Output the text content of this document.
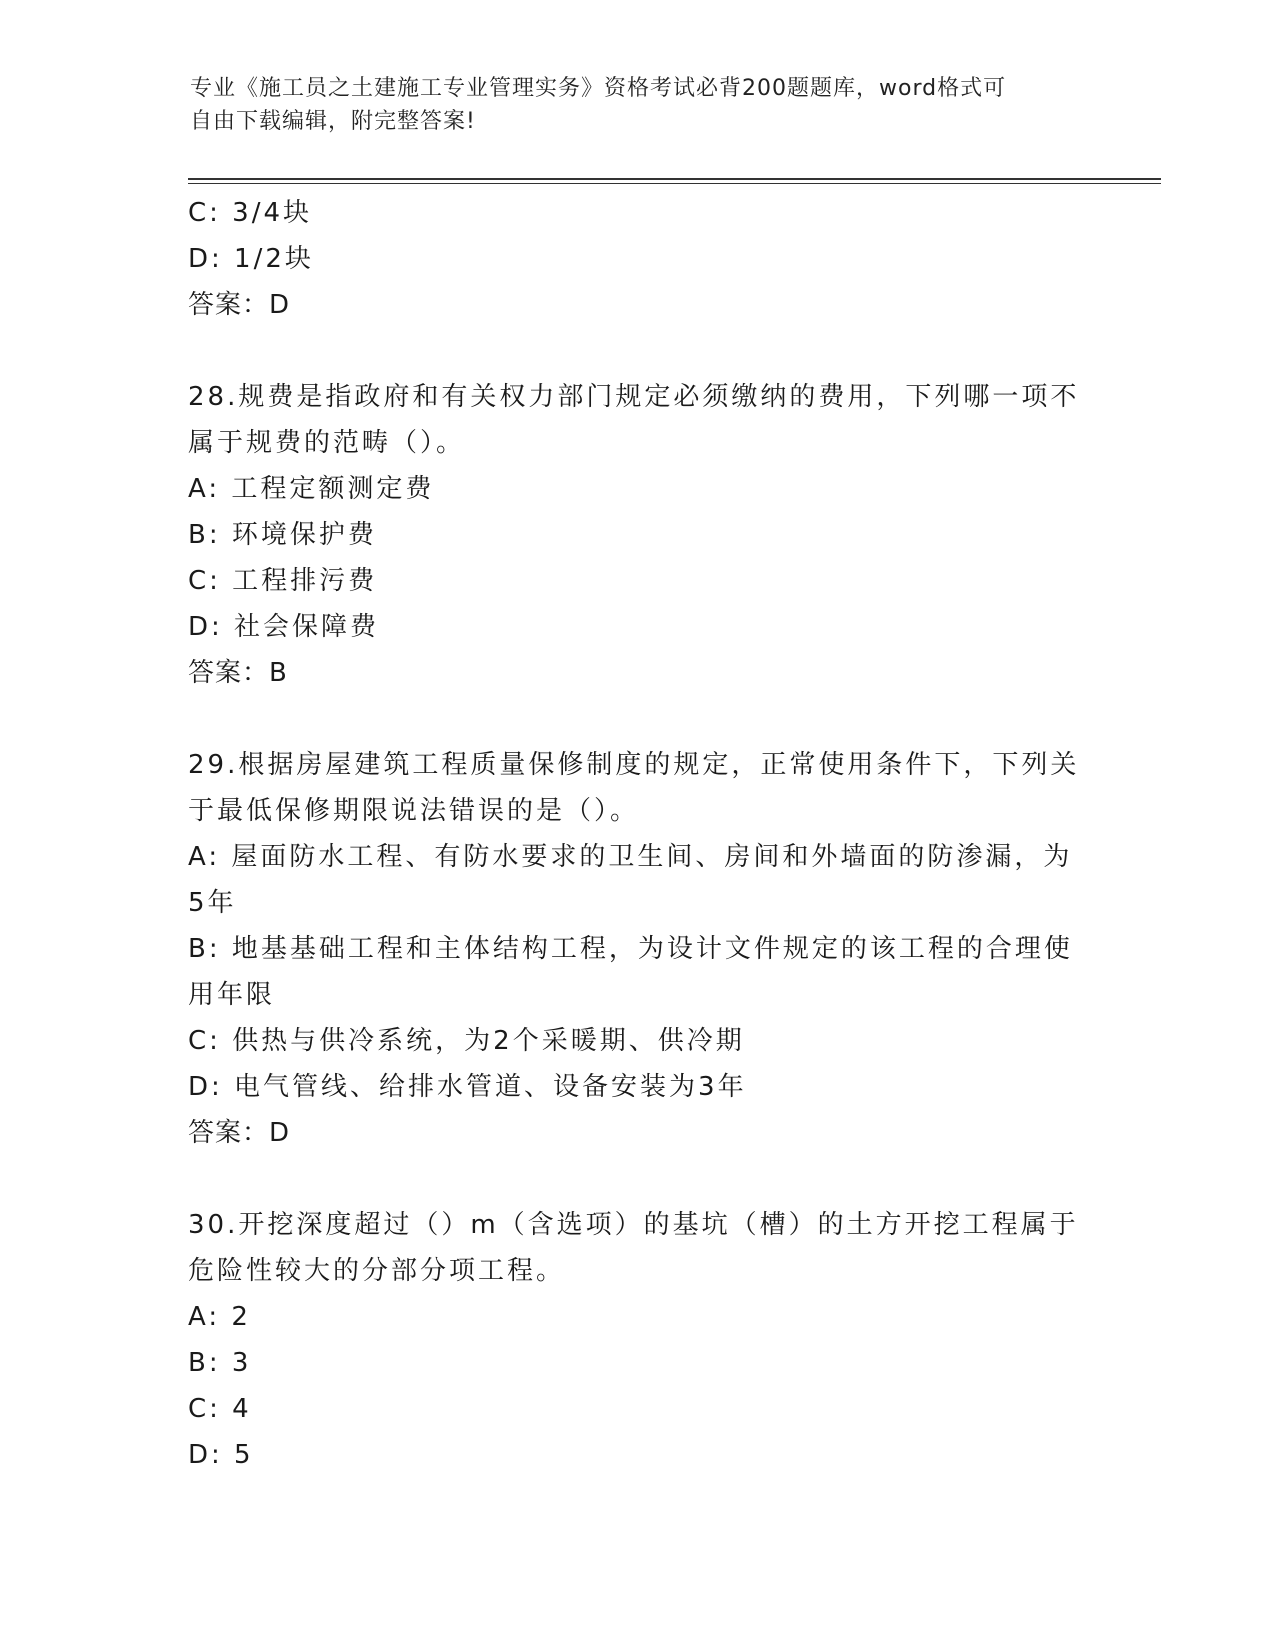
专业《施工员之土建施工专业管理实务》资格考试必背200题题库，word格式可
自由下载编辑，附完整答案!
C: 3/4块
D: 1/2块
答案：D
28.规费是指政府和有关权力部门规定必须缴纳的费用，下列哪一项不
属于规费的范畴（）。
A: 工程定额测定费
B: 环境保护费
C: 工程排污费
D: 社会保障费
答案：B
29.根据房屋建筑工程质量保修制度的规定，正常使用条件下，下列关
于最低保修期限说法错误的是（）。
A: 屋面防水工程、有防水要求的卫生间、房间和外墙面的防渗漏，为
5年
B: 地基基础工程和主体结构工程，为设计文件规定的该工程的合理使
用年限
C: 供热与供冷系统，为2个采暖期、供冷期
D: 电气管线、给排水管道、设备安装为3年
答案：D
30.开挖深度超过（）m（含选项）的基坑（槽）的土方开挖工程属于
危险性较大的分部分项工程。
A: 2
B: 3
C: 4
D: 5
